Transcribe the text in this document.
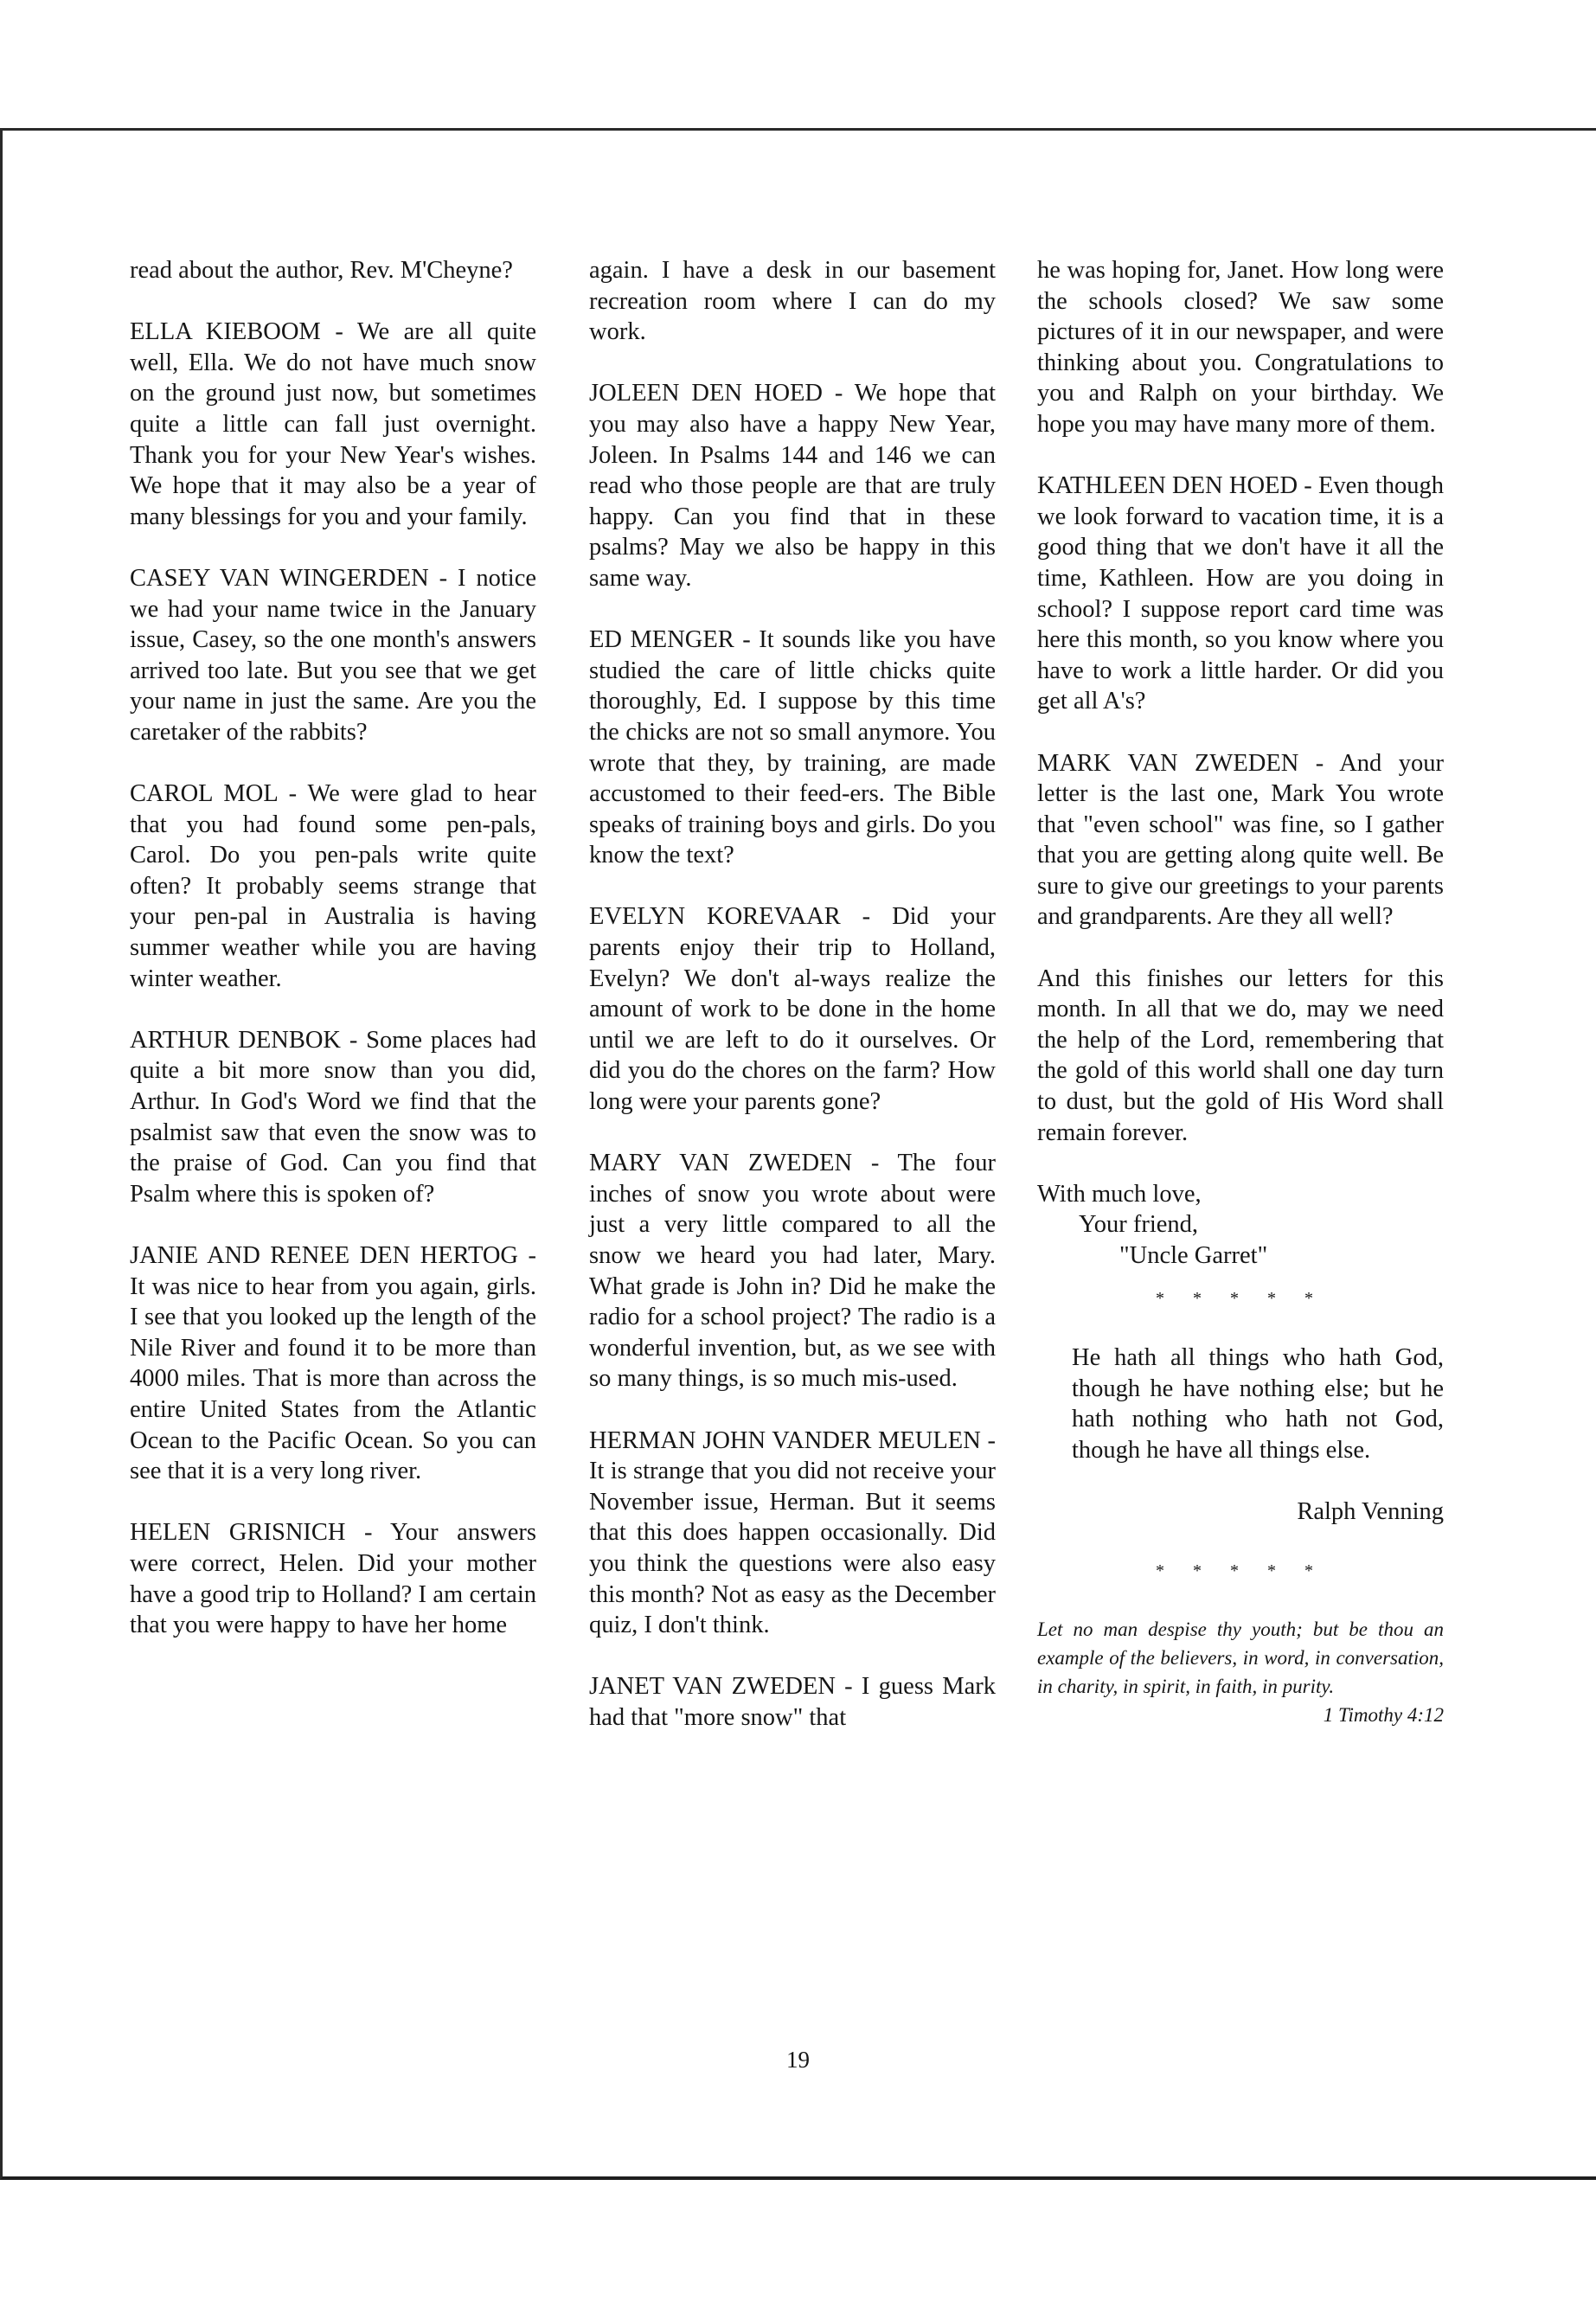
read about the author, Rev. M'Cheyne?

ELLA KIEBOOM - We are all quite well, Ella. We do not have much snow on the ground just now, but sometimes quite a little can fall just overnight. Thank you for your New Year's wishes. We hope that it may also be a year of many blessings for you and your family.

CASEY VAN WINGERDEN - I notice we had your name twice in the January issue, Casey, so the one month's answers arrived too late. But you see that we get your name in just the same. Are you the caretaker of the rabbits?

CAROL MOL - We were glad to hear that you had found some pen-pals, Carol. Do you pen-pals write quite often? It probably seems strange that your pen-pal in Australia is having summer weather while you are having winter weather.

ARTHUR DENBOK - Some places had quite a bit more snow than you did, Arthur. In God's Word we find that the psalmist saw that even the snow was to the praise of God. Can you find that Psalm where this is spoken of?

JANIE AND RENEE DEN HERTOG - It was nice to hear from you again, girls. I see that you looked up the length of the Nile River and found it to be more than 4000 miles. That is more than across the entire United States from the Atlantic Ocean to the Pacific Ocean. So you can see that it is a very long river.

HELEN GRISNICH - Your answers were correct, Helen. Did your mother have a good trip to Holland? I am certain that you were happy to have her home

again. I have a desk in our basement recreation room where I can do my work.

JOLEEN DEN HOED - We hope that you may also have a happy New Year, Joleen. In Psalms 144 and 146 we can read who those people are that are truly happy. Can you find that in these psalms? May we also be happy in this same way.

ED MENGER - It sounds like you have studied the care of little chicks quite thoroughly, Ed. I suppose by this time the chicks are not so small anymore. You wrote that they, by training, are made accustomed to their feed-ers. The Bible speaks of training boys and girls. Do you know the text?

EVELYN KOREVAAR - Did your parents enjoy their trip to Holland, Evelyn? We don't al-ways realize the amount of work to be done in the home until we are left to do it ourselves. Or did you do the chores on the farm? How long were your parents gone?

MARY VAN ZWEDEN - The four inches of snow you wrote about were just a very little compared to all the snow we heard you had later, Mary. What grade is John in? Did he make the radio for a school project? The radio is a wonderful invention, but, as we see with so many things, is so much mis-used.

HERMAN JOHN VANDER MEULEN - It is strange that you did not receive your November issue, Herman. But it seems that this does happen occasionally. Did you think the questions were also easy this month? Not as easy as the December quiz, I don't think.

JANET VAN ZWEDEN - I guess Mark had that "more snow" that

he was hoping for, Janet. How long were the schools closed? We saw some pictures of it in our newspaper, and were thinking about you. Congratulations to you and Ralph on your birthday. We hope you may have many more of them.

KATHLEEN DEN HOED - Even though we look forward to vacation time, it is a good thing that we don't have it all the time, Kathleen. How are you doing in school? I suppose report card time was here this month, so you know where you have to work a little harder. Or did you get all A's?

MARK VAN ZWEDEN - And your letter is the last one, Mark You wrote that "even school" was fine, so I gather that you are getting along quite well. Be sure to give our greetings to your parents and grandparents. Are they all well?

And this finishes our letters for this month. In all that we do, may we need the help of the Lord, remembering that the gold of this world shall one day turn to dust, but the gold of His Word shall remain forever.

With much love,
Your friend,
"Uncle Garret"
* * * * *

He hath all things who hath God, though he have nothing else; but he hath nothing who hath not God, though he have all things else.

Ralph Venning
* * * * *
Let no man despise thy youth; but be thou an example of the believers, in word, in conversation, in charity, in spirit, in faith, in purity.
1 Timothy 4:12
19
